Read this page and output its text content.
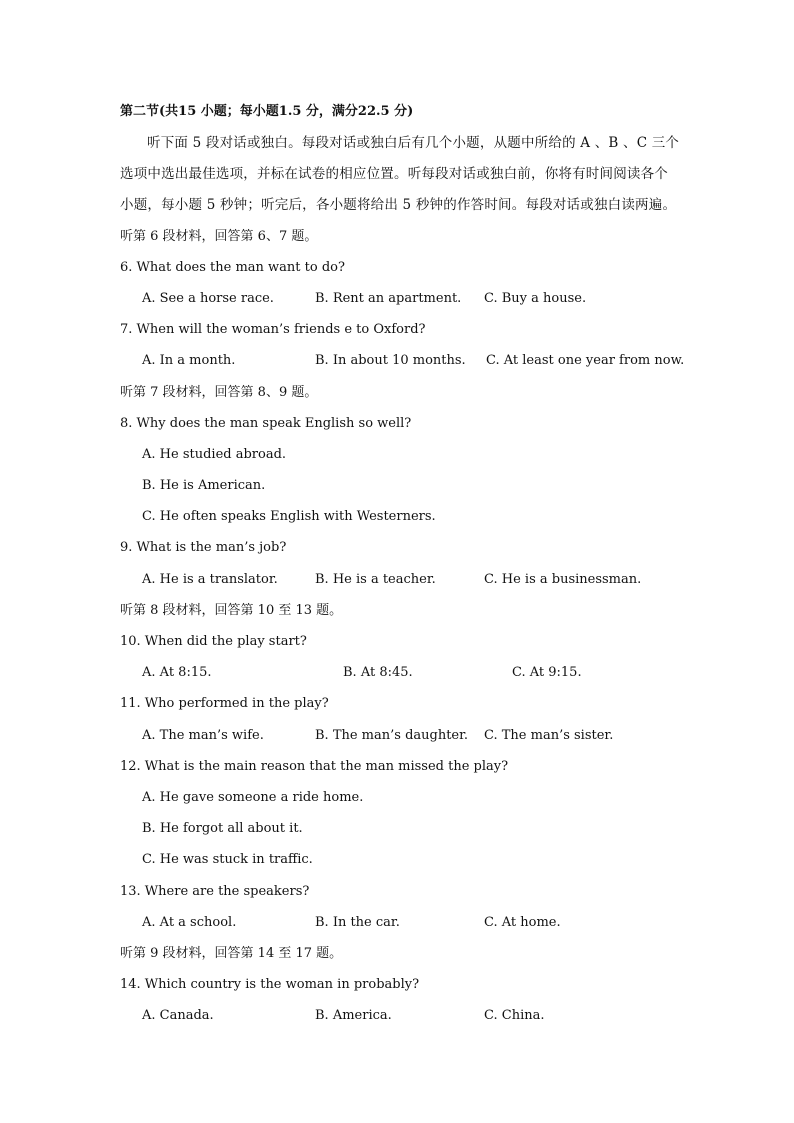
第二节(共15 小题；每小题1.5 分，满分22.5 分)
听下面 5 段对话或独白。每段对话或独白后有几个小题，从题中所给的 A 、B 、C 三个
选项中选出最佳选项，并标在试卷的相应位置。听每段对话或独白前，你将有时间阅读各个
小题，每小题 5 秒钟；听完后，各小题将给出 5 秒钟的作答时间。每段对话或独白读两遍。
听第 6 段材料，回答第 6、7 题。
6. What does the man want to do?
A. See a horse race.	B. Rent an apartment. C. Buy a house.
7. When will the woman’s friends e to Oxford?
A. In a month.	B. In about 10 months. C. At least one year from now.
听第 7 段材料，回答第 8、9 题。
8. Why does the man speak English so well?
A. He studied abroad.
B. He is American.
C. He often speaks English with Westerners.
9. What is the man’s job?
A. He is a translator.	B. He is a teacher.	C. He is a businessman.
听第 8 段材料，回答第 10 至 13 题。
10. When did the play start?
A. At 8:15.	B. At 8:45.	C. At 9:15.
11. Who performed in the play?
A. The man’s wife.	B. The man’s daughter. C. The man’s sister.
12. What is the main reason that the man missed the play?
A. He gave someone a ride home.
B. He forgot all about it.
C. He was stuck in traffic.
13. Where are the speakers?
A. At a school.	B. In the car.	C. At home.
听第 9 段材料，回答第 14 至 17 题。
14. Which country is the woman in probably?
A. Canada.	B. America.	C. China.
